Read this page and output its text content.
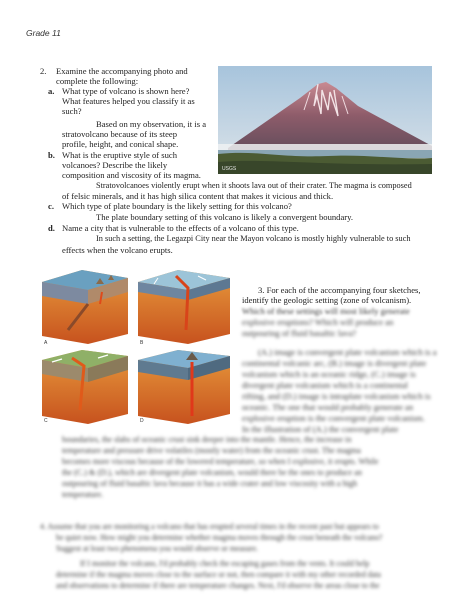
Grade 11
2. Examine the accompanying photo and
complete the following:
a. What type of volcano is shown here?
What features helped you classify it as
such?
Based on my observation, it is a
stratovolcano because of its steep
profile, height, and conical shape.
b. What is the eruptive style of such
volcanoes? Describe the likely
composition and viscosity of its magma.
Stratovolcanoes violently erupt when it shoots lava out of their crater. The magma is composed
of felsic minerals, and it has high silica content that makes it vicious and thick.
c. Which type of plate boundary is the likely setting for this volcano?
The plate boundary setting of this volcano is likely a convergent boundary.
d. Name a city that is vulnerable to the effects of a volcano of this type.
In such a setting, the Legazpi City near the Mayon volcano is mostly highly vulnerable to such
effects when the volcano erupts.
USGS
A	B
C	D
3. For each of the accompanying four sketches,
identify the geologic setting (zone of volcanism).
Which of these settings will most likely generate
explosive eruptions? Which will produce an
outpouring of fluid basaltic lava?
(A.) image is convergent plate volcanism which is a
continental volcanic arc, (B.) image is divergent plate
volcanism which is an oceanic ridge, (C.) image is
divergent plate volcanism which is a continental
rifting, and (D.) image is intraplate volcanism which is
oceanic. The one that would probably generate an
explosive eruption is the convergent plate volcanism.
In the illustration of (A.) the convergent plate
boundaries, the slabs of oceanic crust sink deeper into the mantle. Hence, the increase in
temperature and pressure drive volatiles (mostly water) from the oceanic crust. The magma
becomes more viscous because of the lowered temperature, so when I explosive, it erupts. While
the (C.) & (D.), which are divergent plate volcanism, would there be the ones to produce an
outpouring of fluid basaltic lava because it has a wide crater and low viscosity with a high
temperature.
4. Assume that you are monitoring a volcano that has erupted several times in the recent past but appears to
be quiet now. How might you determine whether magma moves through the crust beneath the volcano?
Suggest at least two phenomena you would observe or measure.
If I monitor the volcano, I'd probably check the escaping gases from the vents. It could help
determine if the magma moves close to the surface or not, then compare it with my other recorded data
and observations to determine if there are temperature changes. Next, I'd observe the areas close to the
